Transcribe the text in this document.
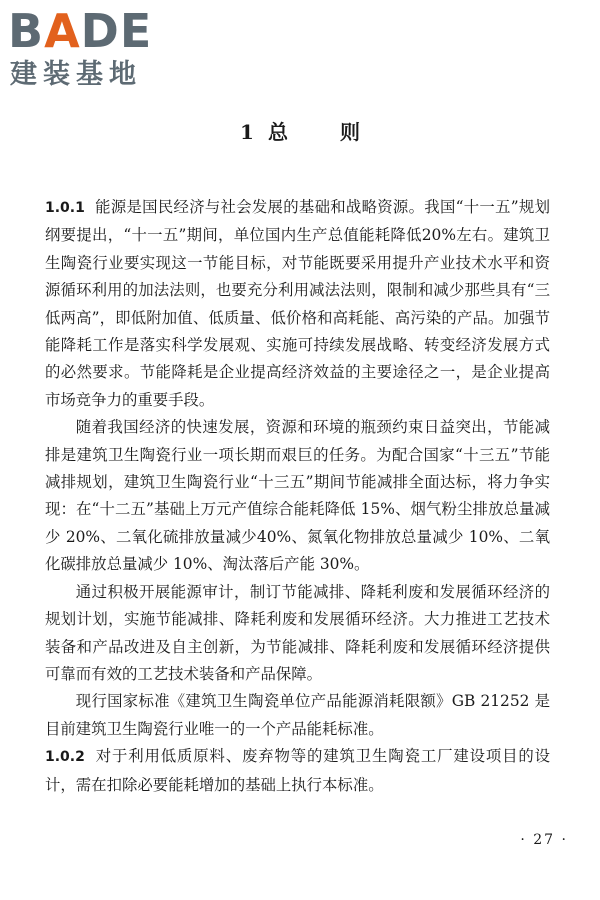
BADE
建装基地
1 总	则

1.0.1 能源是国民经济与社会发展的基础和战略资源。我国“十一五”规划纲要提出，“十一五”期间，单位国内生产总值能耗降低20%左右。建筑卫生陶瓷行业要实现这一节能目标，对节能既要采用提升产业技术水平和资源循环利用的加法法则，也要充分利用减法法则，限制和减少那些具有“三低两高”，即低附加值、低质量、低价格和高耗能、高污染的产品。加强节能降耗工作是落实科学发展观、实施可持续发展战略、转变经济发展方式的必然要求。节能降耗是企业提高经济效益的主要途径之一，是企业提高市场竞争力的重要手段。

随着我国经济的快速发展，资源和环境的瓶颈约束日益突出，节能减排是建筑卫生陶瓷行业一项长期而艰巨的任务。为配合国家“十三五”节能减排规划，建筑卫生陶瓷行业“十三五”期间节能减排全面达标，将力争实现：在“十二五”基础上万元产值综合能耗降低 15%、烟气粉尘排放总量减少 20%、二氧化硫排放量减少40%、氮氧化物排放总量减少 10%、二氧化碳排放总量减少 10%、淘汰落后产能 30%。

通过积极开展能源审计，制订节能减排、降耗利废和发展循环经济的规划计划，实施节能减排、降耗利废和发展循环经济。大力推进工艺技术装备和产品改进及自主创新，为节能减排、降耗利废和发展循环经济提供可靠而有效的工艺技术装备和产品保障。

现行国家标准《建筑卫生陶瓷单位产品能源消耗限额》GB 21252 是目前建筑卫生陶瓷行业唯一的一个产品能耗标准。

1.0.2 对于利用低质原料、废弃物等的建筑卫生陶瓷工厂建设项目的设计，需在扣除必要能耗增加的基础上执行本标准。

· 27 ·
